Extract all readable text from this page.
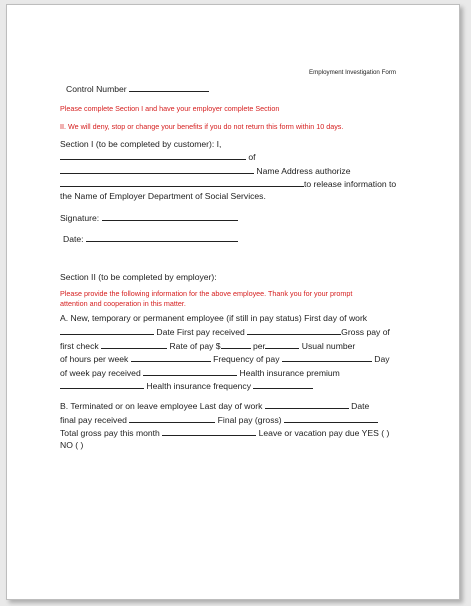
Employment Investigation Form

Control Number

Please complete Section I and have your employer complete Section

II. We will deny, stop or change your benefits if you do not return this form within 10 days.

Section I (to be completed by customer): I,

of

Name Address authorize

to release information to

the Name of Employer Department of Social Services.

Signature:

Date:

Section II (to be completed by employer):

Please provide the following information for the above employee. Thank you for your prompt

attention and cooperation in this matter.

A. New, temporary or permanent employee (if still in pay status) First day of work

Date First pay received	Gross pay of

first check	Rate of pay $	per	Usual number

of hours per week	Frequency of pay	Day

of week pay received	Health insurance premium

Health insurance frequency

B. Terminated or on leave employee Last day of work	Date

final pay received	Final pay (gross)

Total gross pay this month	Leave or vacation pay due YES ( )

NO ( )
